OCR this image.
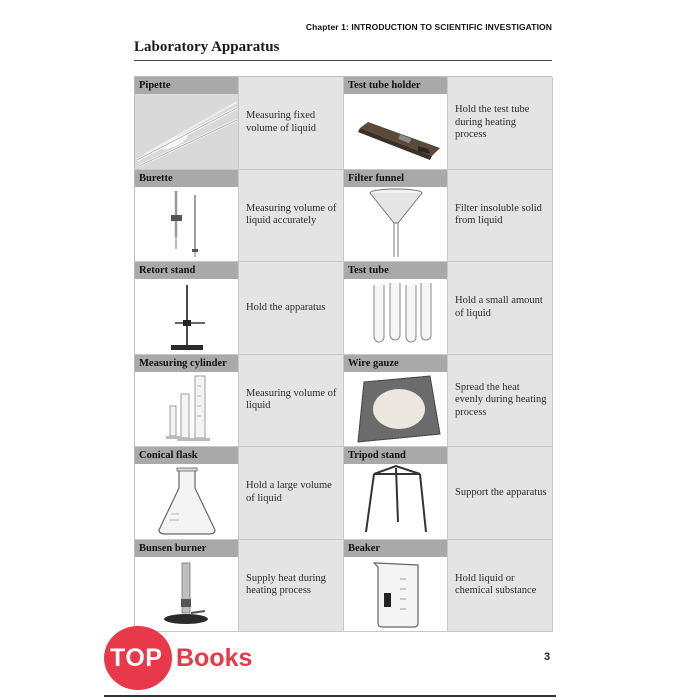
Chapter 1: INTRODUCTION TO SCIENTIFIC INVESTIGATION
Laboratory Apparatus
Pipette
Measuring fixed volume of liquid
Test tube holder
Hold the test tube during heating process
Burette
Measuring volume of liquid accurately
Filter funnel
Filter insoluble solid from liquid
Retort stand
Hold the apparatus
Test tube
Hold a small amount of liquid
Measuring cylinder
Measuring volume of liquid
Wire gauze
Spread the heat evenly during heating process
Conical flask
Hold a large volume of liquid
Tripod stand
Support the apparatus
Bunsen burner
Supply heat during heating process
Beaker
Hold liquid or chemical substance
TOP Books	3
